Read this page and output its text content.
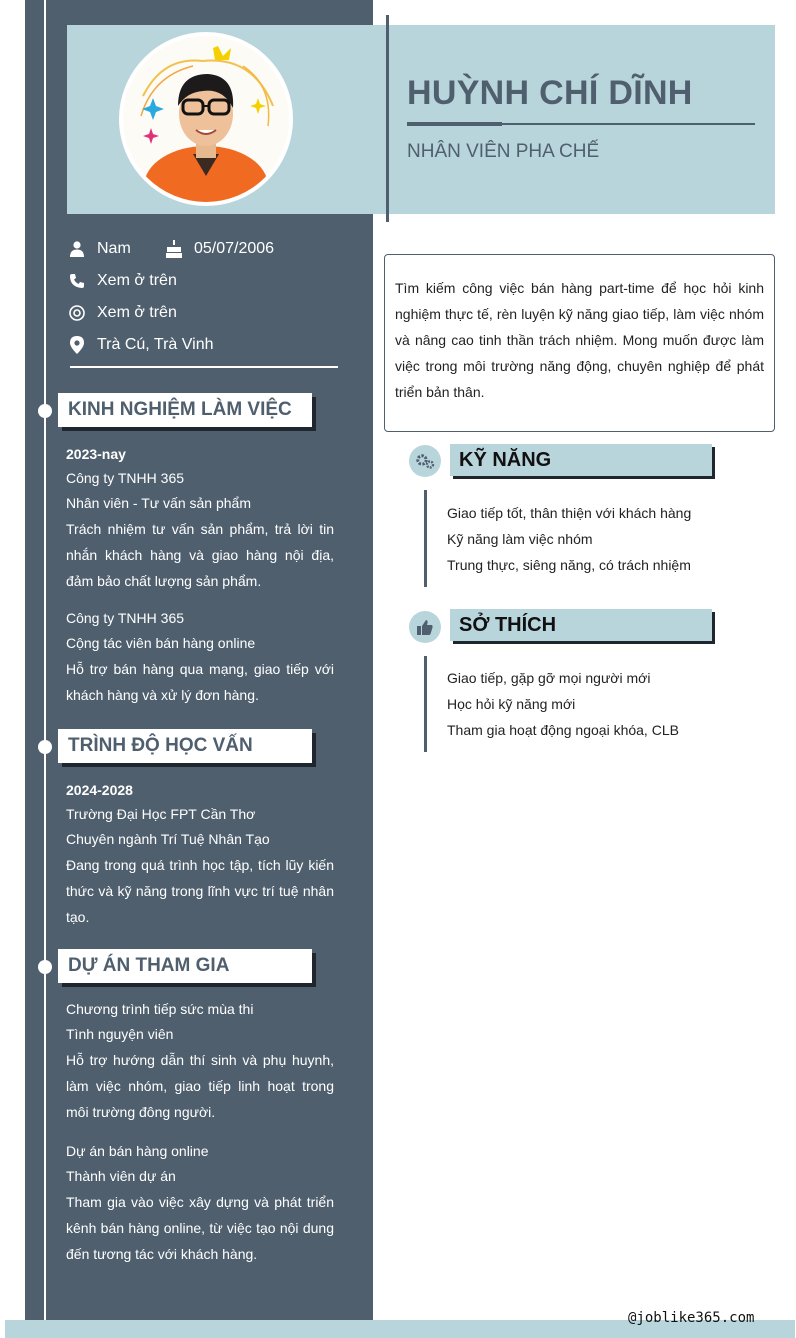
HUỲNH CHÍ DĨNH
NHÂN VIÊN PHA CHẾ
Nam	05/07/2006
Xem ở trên
Xem ở trên
Trà Cú, Trà Vinh
KINH NGHIỆM LÀM VIỆC
2023-nay
Công ty TNHH 365
Nhân viên - Tư vấn sản phẩm
Trách nhiệm tư vấn sản phẩm, trả lời tin nhắn khách hàng và giao hàng nội địa, đảm bảo chất lượng sản phẩm.
Công ty TNHH 365
Cộng tác viên bán hàng online
Hỗ trợ bán hàng qua mạng, giao tiếp với khách hàng và xử lý đơn hàng.
TRÌNH ĐỘ HỌC VẤN
2024-2028
Trường Đại Học FPT Cần Thơ
Chuyên ngành Trí Tuệ Nhân Tạo
Đang trong quá trình học tập, tích lũy kiến thức và kỹ năng trong lĩnh vực trí tuệ nhân tạo.
DỰ ÁN THAM GIA
Chương trình tiếp sức mùa thi
Tình nguyện viên
Hỗ trợ hướng dẫn thí sinh và phụ huynh, làm việc nhóm, giao tiếp linh hoạt trong môi trường đông người.
Dự án bán hàng online
Thành viên dự án
Tham gia vào việc xây dựng và phát triển kênh bán hàng online, từ việc tạo nội dung đến tương tác với khách hàng.
Tìm kiếm công việc bán hàng part-time để học hỏi kinh nghiệm thực tế, rèn luyện kỹ năng giao tiếp, làm việc nhóm và nâng cao tinh thần trách nhiệm. Mong muốn được làm việc trong môi trường năng động, chuyên nghiệp để phát triển bản thân.
KỸ NĂNG
Giao tiếp tốt, thân thiện với khách hàng
Kỹ năng làm việc nhóm
Trung thực, siêng năng, có trách nhiệm
SỞ THÍCH
Giao tiếp, gặp gỡ mọi người mới
Học hỏi kỹ năng mới
Tham gia hoạt động ngoại khóa, CLB
@joblike365.com
